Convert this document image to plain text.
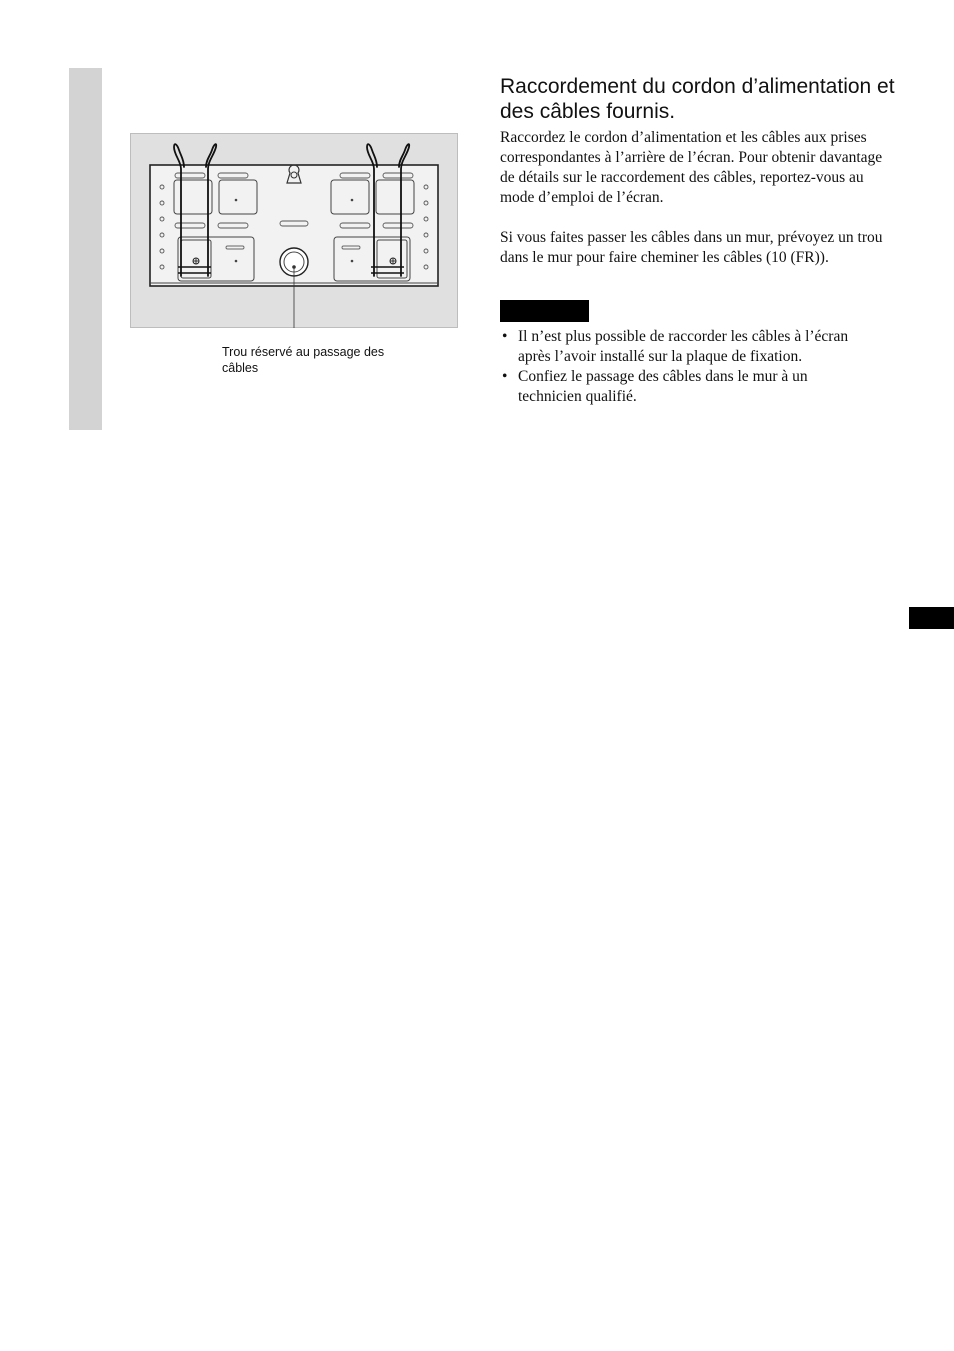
Trou réservé au passage des câbles
Raccordement du cordon d’alimentation et des câbles fournis.

Raccordez le cordon d’alimentation et les câbles aux prises correspondantes à l’arrière de l’écran. Pour obtenir davantage de détails sur le raccordement des câbles, reportez-vous au mode d’emploi de l’écran.

Si vous faites passer les câbles dans un mur, prévoyez un trou dans le mur pour faire cheminer les câbles (10 (FR)).

• Il n’est plus possible de raccorder les câbles à l’écran après l’avoir installé sur la plaque de fixation.
• Confiez le passage des câbles dans le mur à un technicien qualifié.
